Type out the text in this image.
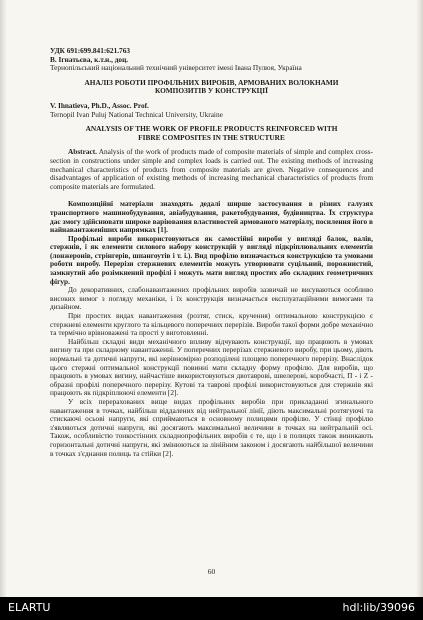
УДК 691:699.841:621.763

В. Ігнатьєва, к.т.н., доц.

Тернопільський національний технічний університет імені Івана Пулюя, Україна

АНАЛІЗ РОБОТИ ПРОФІЛЬНИХ ВИРОБІВ, АРМОВАНИХ ВОЛОКНАМИ

КОМПОЗИТІВ У КОНСТРУКЦІЇ

V. Ihnatieva, Ph.D., Assoc. Prof.

Ternopil Ivan Puluj National Technical University, Ukraine

ANALYSIS OF THE WORK OF PROFILE PRODUCTS REINFORCED WITH

FIBRE COMPOSITES IN THE STRUCTURE

Abstract. Analysis of the work of products made of composite materials of simple and complex cross-section in constructions under simple and complex loads is carried out. The existing methods of increasing mechanical characteristics of products from composite materials are given. Negative consequences and disadvantages of application of existing methods of increasing mechanical characteristics of products from composite materials are formulated.

Композиційні матеріали знаходять дедалі ширше застосування в різних галузях транспортного машинобудування, авіабудування, ракетобудування, будівництва. Їх структура дає змогу здійснювати широке варіювання властивостей армованого матеріалу, посилення його в найнавантаженіших напрямках [1].

Профільні вироби використовуються як самостійні вироби у вигляді балок, валів, стержнів, і як елементи силового набору конструкцій у вигляді підкріплювальних елементів (лонжеронів, стрінгерів, шпангоутів і т. і.). Вид профілю визначається конструкцією та умовами роботи виробу. Перерізи стержневих елементів можуть утворювати суцільний, порожнистий, замкнутий або розімкнений профілі і можуть мати вигляд простих або складних геометричних фігур.

До декоративних, слабонавантажених профільних виробів зазвичай не висуваються особливо високих вимог з погляду механіки, і їх конструкція визначається експлуатаційними вимогами та дизайном.

При простих видах навантаження (розтяг, стиск, кручення) оптимальною конструкцією є стержневі елементи круглого та кільцевого поперечних перерізів. Вироби такої форми добре механічно та термічно врівноважені та прості у виготовленні.

Найбільш складні види механічного впливу відчувають конструкції, що працюють в умовах вигину та при складному навантаженні. У поперечних перерізах стержневого виробу, при цьому, діють нормальні та дотичні напруги, які нерівномірно розподілені площею поперечного перерізу. Внаслідок цього стержні оптимальної конструкції повинні мати складну форму профілю. Для виробів, що працюють в умовах вигину, найчастіше використовуються двотаврові, швелерові, коробчасті, П - і Z - образні профілі поперечного перерізу. Кутові та таврові профілі використовуються для стержнів які працюють як підкріплюючі елементи [2].

У всіх перерахованих вище видах профільних виробів при прикладанні згинального навантаження в точках, найбільш віддалених від нейтральної лінії, діють максимальні розтягуючі та стискаючі осьові напруги, які сприймаються в основному полицями профілю. У стінці профілю з'являються дотичні напруги, які досягають максимальної величини в точках на нейтральній осі. Також, особливістю тонкостінних складнопрофільних виробів є те, що і в полицях також виникають горизонтальні дотичні напруги, які змінюються за лінійним законом і досягають найбільшої величини в точках з'єднання полиць та стійки [2].

60
ELARTU	hdl:lib/39096
